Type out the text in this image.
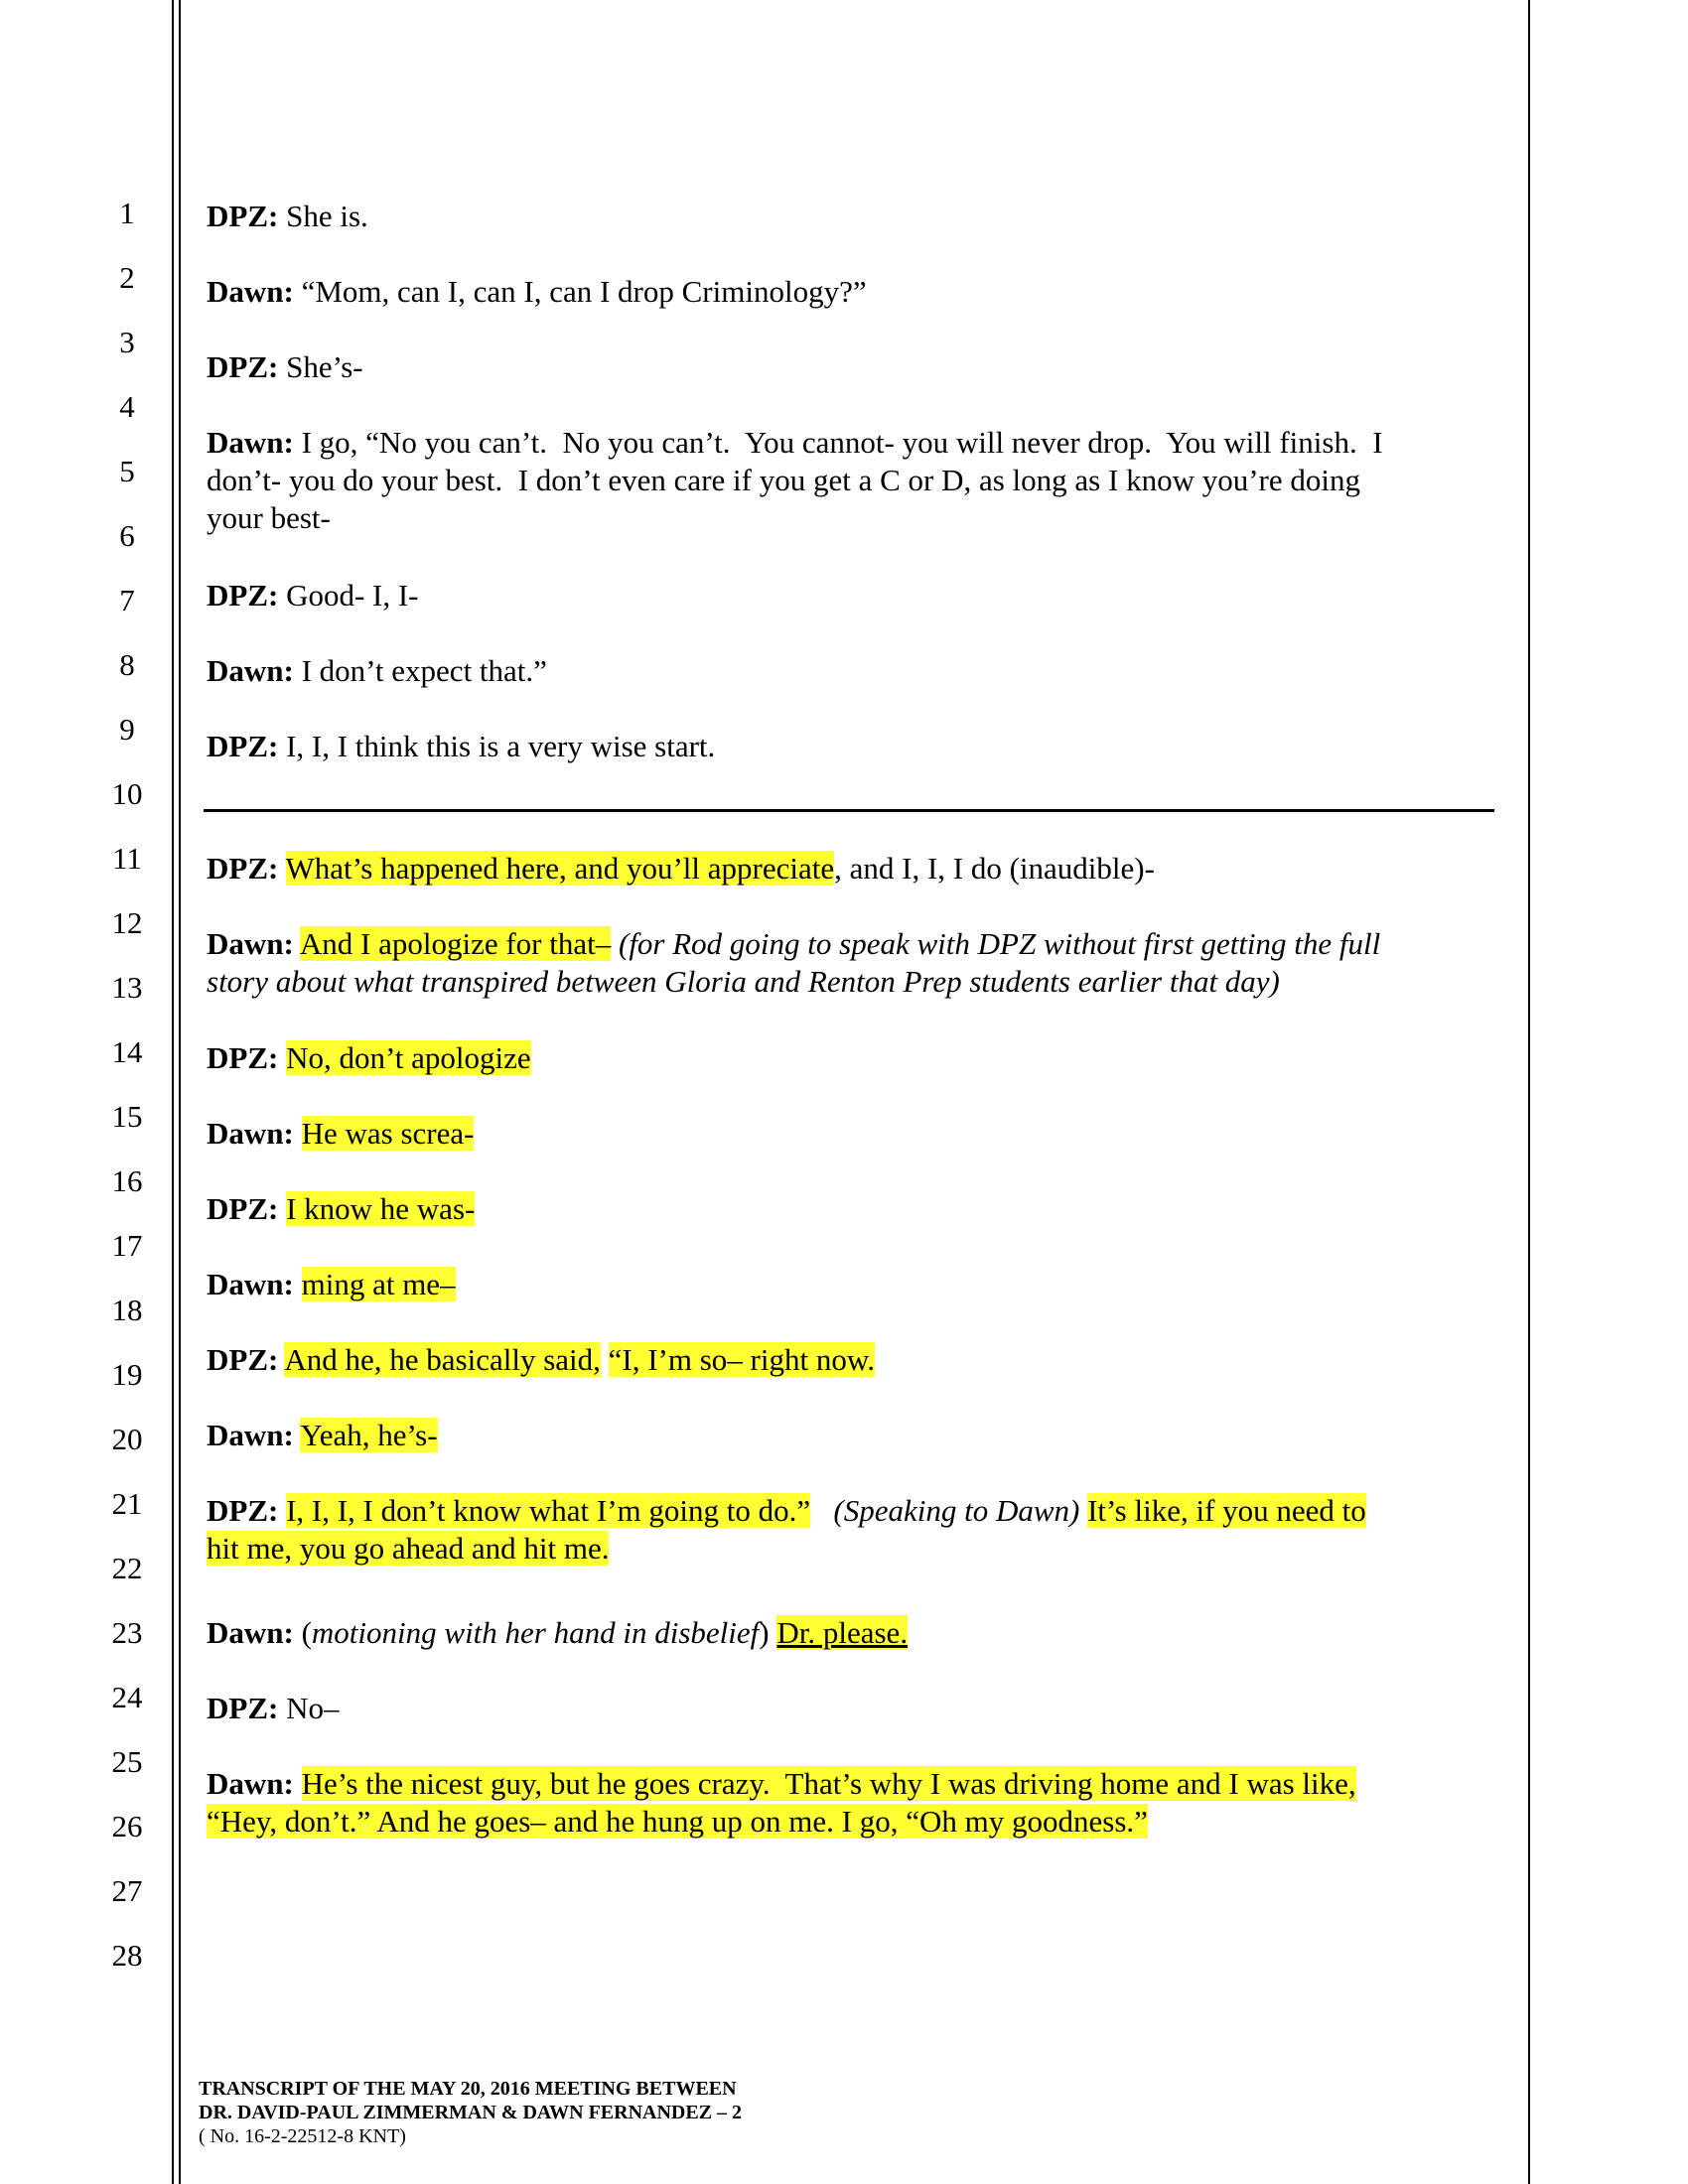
1
2
3
4
5
6
7
8
9
10
11
12
13
14
15
16
17
18
19
20
21
22
23
24
25
26
27
28
DPZ: She is.
Dawn: “Mom, can I, can I, can I drop Criminology?”
DPZ: She’s-
Dawn: I go, “No you can’t.  No you can’t.  You cannot- you will never drop.  You will finish.  I
don’t- you do your best.  I don’t even care if you get a C or D, as long as I know you’re doing
your best-
DPZ: Good- I, I-
Dawn: I don’t expect that.”
DPZ: I, I, I think this is a very wise start.
DPZ: What’s happened here, and you’ll appreciate, and I, I, I do (inaudible)-
Dawn: And I apologize for that– (for Rod going to speak with DPZ without first getting the full
story about what transpired between Gloria and Renton Prep students earlier that day)
DPZ: No, don’t apologize
Dawn: He was screa-
DPZ: I know he was-
Dawn: ming at me–
DPZ: And he, he basically said, “I, I’m so– right now.
Dawn: Yeah, he’s-
DPZ: I, I, I, I don’t know what I’m going to do.” (Speaking to Dawn) It’s like, if you need to
hit me, you go ahead and hit me.
Dawn: (motioning with her hand in disbelief) Dr. please.
DPZ: No–
Dawn: He’s the nicest guy, but he goes crazy.  That’s why I was driving home and I was like,
“Hey, don’t.” And he goes– and he hung up on me. I go, “Oh my goodness.”
TRANSCRIPT OF THE MAY 20, 2016 MEETING BETWEEN
DR. DAVID-PAUL ZIMMERMAN & DAWN FERNANDEZ – 2
( No. 16-2-22512-8 KNT)
